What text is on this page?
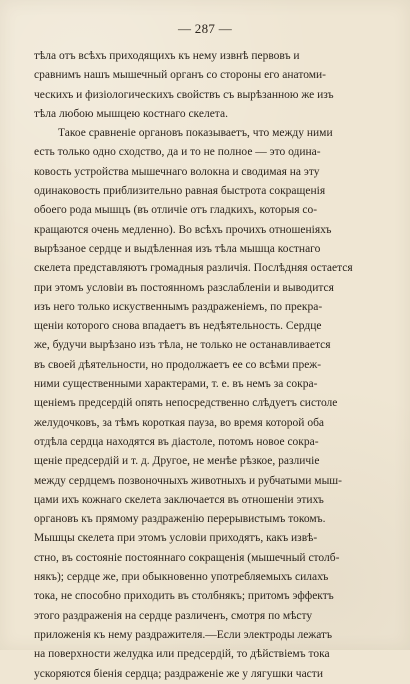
— 287 —
тѣла отъ всѣхъ приходящихъ къ нему извнѣ первовъ и
сравнимъ нашъ мышечный органъ со стороны его анатоми-
ческихъ и физіологическихъ свойствъ съ вырѣзанною же изъ
тѣла любою мышцею костнаго скелета.
Такое сравненіе органовъ показываетъ, что между ними
есть только одно сходство, да и то не полное — это одина-
ковость устройства мышечнаго волокна и сводимая на эту
одинаковость приблизительно равная быстрота сокращенія
обоего рода мышцъ (въ отличіе отъ гладкихъ, которыя со-
кращаются очень медленно). Во всѣхъ прочихъ отношеніяхъ
вырѣзаное сердце и выдѣленная изъ тѣла мышца костнаго
скелета представляютъ громадныя различія. Послѣдняя остается
при этомъ условіи въ постоянномъ разслабленіи и выводится
изъ него только искуственнымъ раздраженіемъ, по прекра-
щеніи которого снова впадаетъ въ недѣятельность. Сердце
же, будучи вырѣзано изъ тѣла, не только не останавливается
въ своей дѣятельности, но продолжаетъ ее со всѣми преж-
ними существенными характерами, т. е. въ немъ за сокра-
щеніемъ предсердій опять непосредственно слѣдуетъ систоле
желудочковъ, за тѣмъ короткая пауза, во время которой оба
отдѣла сердца находятся въ діастоле, потомъ новое сокра-
щеніе предсердій и т. д. Другое, не менѣе рѣзкое, различіе
между сердцемъ позвоночныхъ животныхъ и рубчатыми мыш-
цами ихъ кожнаго скелета заключается въ отношеніи этихъ
органовъ къ прямому раздраженію перерывистымъ токомъ.
Мышцы скелета при этомъ условіи приходятъ, какъ извѣ-
стно, въ состояніе постояннаго сокращенія (мышечный столб-
някъ); сердце же, при обыкновенно употребляемыхъ силахъ
тока, не способно приходить въ столбнякъ; притомъ эффектъ
этого раздраженія на сердце различенъ, смотря по мѣсту
приложенія къ нему раздражителя.—Если электроды лежатъ
на поверхности желудка или предсердій, то дѣйствіемъ тока
ускоряются біенія сердца; раздраженіе же у лягушки части
